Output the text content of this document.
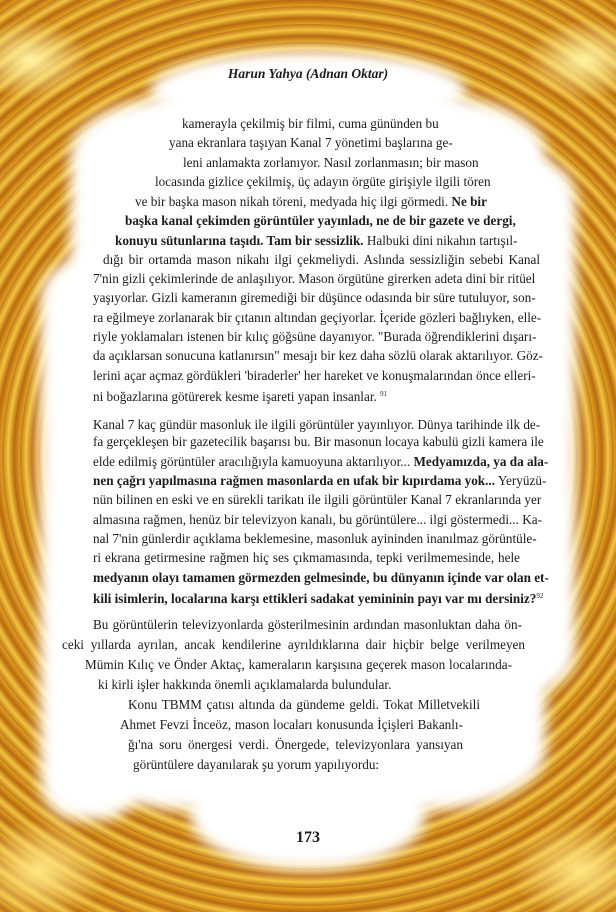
Harun Yahya (Adnan Oktar)
kamerayla çekilmiş bir filmi, cuma gününden bu
yana ekranlara taşıyan Kanal 7 yönetimi başlarına ge-
leni anlamakta zorlanıyor. Nasıl zorlanmasın; bir mason
locasında gizlice çekilmiş, üç adayın örgüte girişiyle ilgili tören
ve bir başka mason nikah töreni, medyada hiç ilgi görmedi. Ne bir
başka kanal çekimden görüntüler yayınladı, ne de bir gazete ve dergi,
konuyu sütunlarına taşıdı. Tam bir sessizlik. Halbuki dini nikahın tartışıl-
dığı bir ortamda mason nikahı ilgi çekmeliydi. Aslında sessizliğin sebebi Kanal
7'nin gizli çekimlerinde de anlaşılıyor. Mason örgütüne girerken adeta dini bir ritüel
yaşıyorlar. Gizli kameranın giremediği bir düşünce odasında bir süre tutuluyor, son-
ra eğilmeye zorlanarak bir çıtanın altından geçiyorlar. İçeride gözleri bağlıyken, elle-
riyle yoklamaları istenen bir kılıç göğsüne dayanıyor. "Burada öğrendiklerini dışarı-
da açıklarsan sonucuna katlanırsın" mesajı bir kez daha sözlü olarak aktarılıyor. Göz-
lerini açar açmaz gördükleri 'biraderler' her hareket ve konuşmalarından önce elleri-
ni boğazlarına götürerek kesme işareti yapan insanlar. $^{91}$
Kanal 7 kaç gündür masonluk ile ilgili görüntüler yayınlıyor. Dünya tarihinde ilk de-
fa gerçekleşen bir gazetecilik başarısı bu. Bir masonun locaya kabulü gizli kamera ile
elde edilmiş görüntüler aracılığıyla kamuoyuna aktarılıyor... Medyamızda, ya da ala-
nen çağrı yapılmasına rağmen masonlarda en ufak bir kıpırdama yok... Yeryüzü-
nün bilinen en eski ve en sürekli tarikatı ile ilgili görüntüler Kanal 7 ekranlarında yer
almasına rağmen, henüz bir televizyon kanalı, bu görüntülere... ilgi göstermedi... Ka-
nal 7'nin günlerdir açıklama beklemesine, masonluk ayininden inanılmaz görüntüle-
ri ekrana getirmesine rağmen hiç ses çıkmamasında, tepki verilmemesinde, hele
medyanın olayı tamamen görmezden gelmesinde, bu dünyanın içinde var olan et-
kili isimlerin, localarına karşı ettikleri sadakat yemininin payı var mı dersiniz?$^{92}$
Bu görüntülerin televizyonlarda gösterilmesinin ardından masonluktan daha ön-
ceki yıllarda ayrılan, ancak kendilerine ayrıldıklarına dair hiçbir belge verilmeyen
Mümin Kılıç ve Önder Aktaç, kameraların karşısına geçerek mason localarında-
ki kirli işler hakkında önemli açıklamalarda bulundular.
Konu TBMM çatısı altında da gündeme geldi. Tokat Milletvekili
Ahmet Fevzi İnceöz, mason locaları konusunda İçişleri Bakanlı-
ğı'na soru önergesi verdi. Önergede, televizyonlara yansıyan
görüntülere dayanılarak şu yorum yapılıyordu:
173
